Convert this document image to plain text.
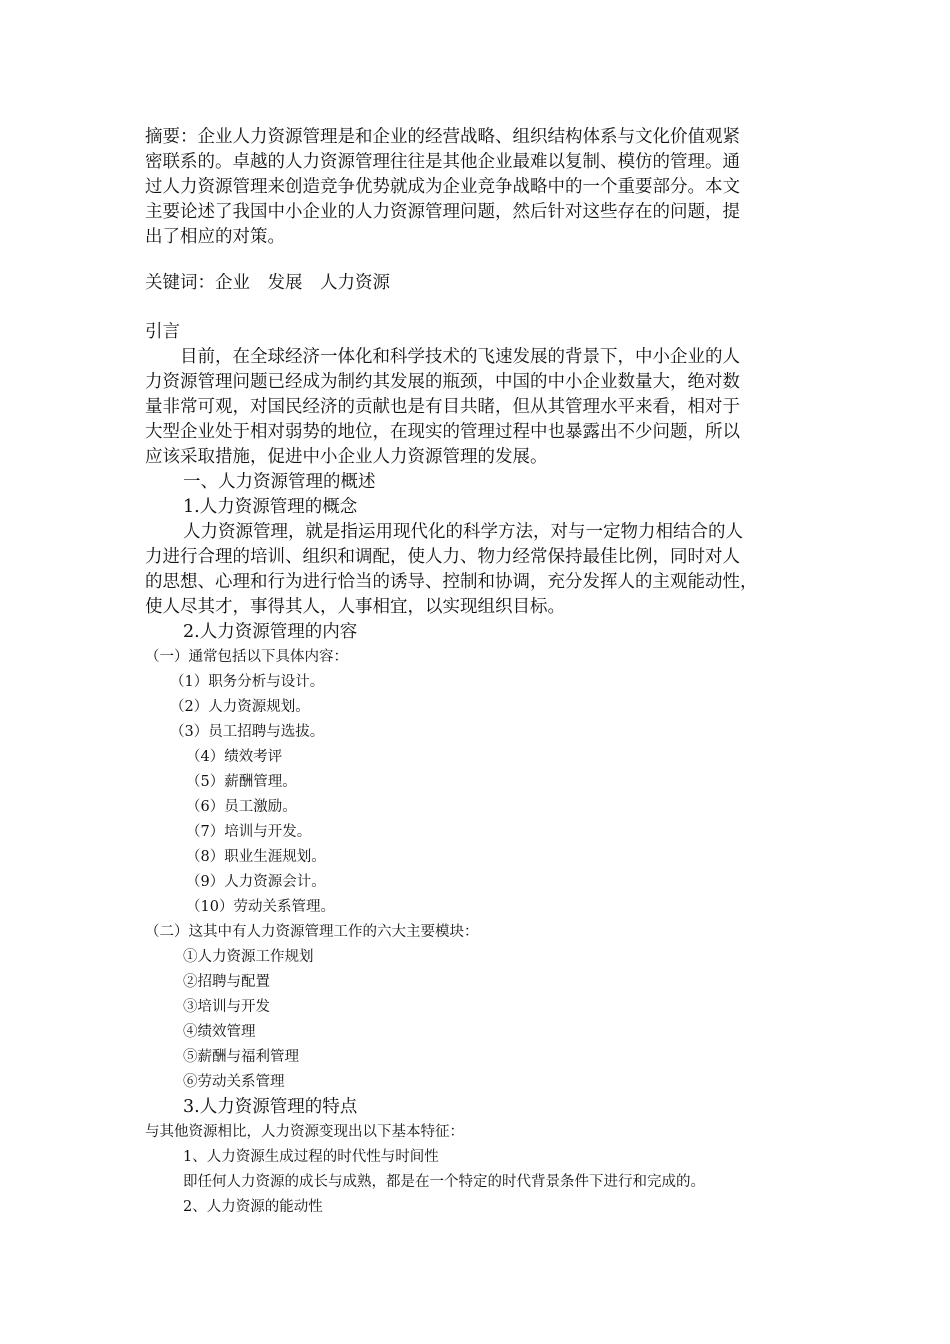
摘要：企业人力资源管理是和企业的经营战略、组织结构体系与文化价值观紧
密联系的。卓越的人力资源管理往往是其他企业最难以复制、模仿的管理。通
过人力资源管理来创造竞争优势就成为企业竞争战略中的一个重要部分。本文
主要论述了我国中小企业的人力资源管理问题，然后针对这些存在的问题，提
出了相应的对策。
关键词：企业　发展　人力资源
引言
　　目前，在全球经济一体化和科学技术的飞速发展的背景下，中小企业的人
力资源管理问题已经成为制约其发展的瓶颈，中国的中小企业数量大，绝对数
量非常可观，对国民经济的贡献也是有目共睹，但从其管理水平来看，相对于
大型企业处于相对弱势的地位，在现实的管理过程中也暴露出不少问题，所以
应该采取措施，促进中小企业人力资源管理的发展。
一、人力资源管理的概述
1.人力资源管理的概念
人力资源管理，就是指运用现代化的科学方法，对与一定物力相结合的人
力进行合理的培训、组织和调配，使人力、物力经常保持最佳比例，同时对人
的思想、心理和行为进行恰当的诱导、控制和协调，充分发挥人的主观能动性，
使人尽其才，事得其人，人事相宜，以实现组织目标。
2.人力资源管理的内容
（一）通常包括以下具体内容：
（1）职务分析与设计。
（2）人力资源规划。
（3）员工招聘与选拔。
（4）绩效考评
（5）薪酬管理。
（6）员工激励。
（7）培训与开发。
（8）职业生涯规划。
（9）人力资源会计。
（10）劳动关系管理。
（二）这其中有人力资源管理工作的六大主要模块：
①人力资源工作规划
②招聘与配置
③培训与开发
④绩效管理
⑤薪酬与福利管理
⑥劳动关系管理
3.人力资源管理的特点
与其他资源相比，人力资源变现出以下基本特征：
1、人力资源生成过程的时代性与时间性
即任何人力资源的成长与成熟，都是在一个特定的时代背景条件下进行和完成的。
2、人力资源的能动性
